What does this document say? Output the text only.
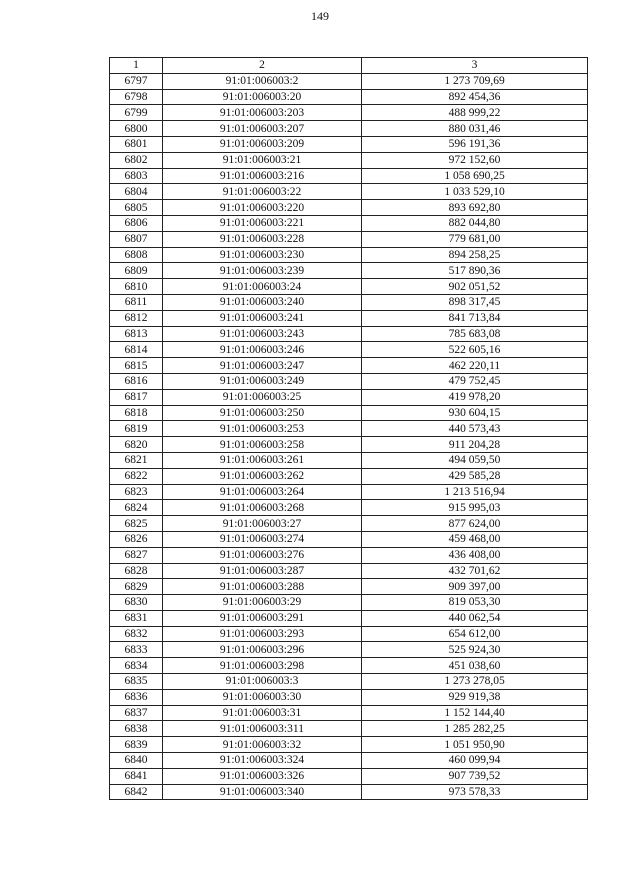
149
1	2	3
6797	91:01:006003:2	1 273 709,69
6798	91:01:006003:20	892 454,36
6799	91:01:006003:203	488 999,22
6800	91:01:006003:207	880 031,46
6801	91:01:006003:209	596 191,36
6802	91:01:006003:21	972 152,60
6803	91:01:006003:216	1 058 690,25
6804	91:01:006003:22	1 033 529,10
6805	91:01:006003:220	893 692,80
6806	91:01:006003:221	882 044,80
6807	91:01:006003:228	779 681,00
6808	91:01:006003:230	894 258,25
6809	91:01:006003:239	517 890,36
6810	91:01:006003:24	902 051,52
6811	91:01:006003:240	898 317,45
6812	91:01:006003:241	841 713,84
6813	91:01:006003:243	785 683,08
6814	91:01:006003:246	522 605,16
6815	91:01:006003:247	462 220,11
6816	91:01:006003:249	479 752,45
6817	91:01:006003:25	419 978,20
6818	91:01:006003:250	930 604,15
6819	91:01:006003:253	440 573,43
6820	91:01:006003:258	911 204,28
6821	91:01:006003:261	494 059,50
6822	91:01:006003:262	429 585,28
6823	91:01:006003:264	1 213 516,94
6824	91:01:006003:268	915 995,03
6825	91:01:006003:27	877 624,00
6826	91:01:006003:274	459 468,00
6827	91:01:006003:276	436 408,00
6828	91:01:006003:287	432 701,62
6829	91:01:006003:288	909 397,00
6830	91:01:006003:29	819 053,30
6831	91:01:006003:291	440 062,54
6832	91:01:006003:293	654 612,00
6833	91:01:006003:296	525 924,30
6834	91:01:006003:298	451 038,60
6835	91:01:006003:3	1 273 278,05
6836	91:01:006003:30	929 919,38
6837	91:01:006003:31	1 152 144,40
6838	91:01:006003:311	1 285 282,25
6839	91:01:006003:32	1 051 950,90
6840	91:01:006003:324	460 099,94
6841	91:01:006003:326	907 739,52
6842	91:01:006003:340	973 578,33
